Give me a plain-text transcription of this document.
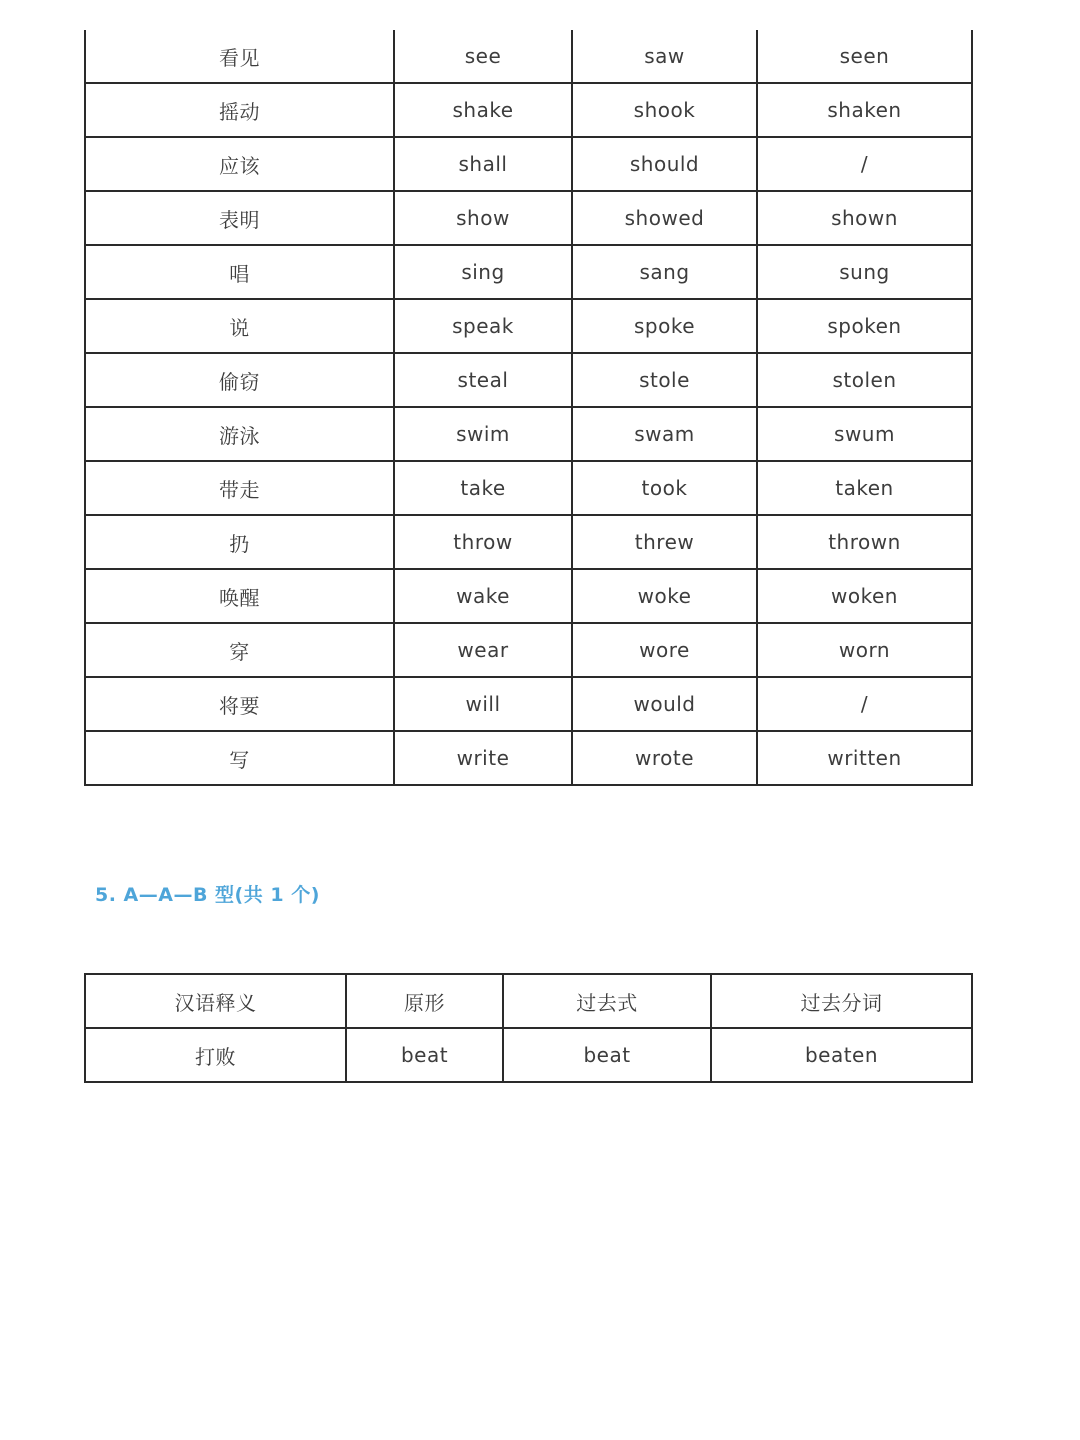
看见	see	saw	seen
摇动	shake	shook	shaken
应该	shall	should	/
表明	show	showed	shown
唱	sing	sang	sung
说	speak	spoke	spoken
偷窃	steal	stole	stolen
游泳	swim	swam	swum
带走	take	took	taken
扔	throw	threw	thrown
唤醒	wake	woke	woken
穿	wear	wore	worn
将要	will	would	/
写	write	wrote	written
5. A—A—B 型(共 1 个)
汉语释义	原形	过去式	过去分词
打败	beat	beat	beaten
